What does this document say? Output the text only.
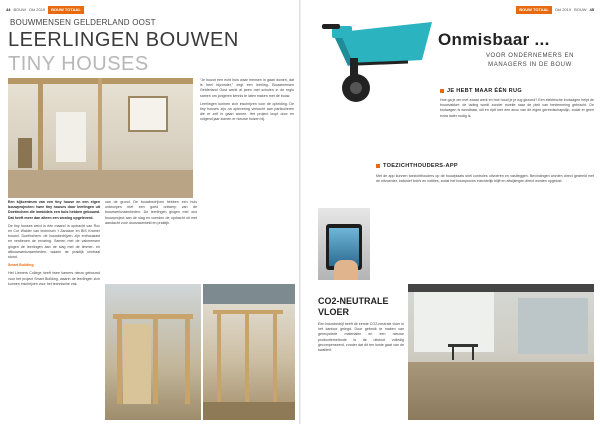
44 BOUW Okt 2019	BOUW TOTAAL
BOUWMENSEN GELDERLAND OOST
LEERLINGEN BOUWEN
TINY HOUSES

Een kijkcentrum van een tiny house en een eigen bouwprojecten: twee tiny houses door leerlingen uit Doetinchem die inmiddels een huis hebben gebouwd. Dat heeft meer dan alleen een woning opgeleverd.

De tiny houses werd in één maand in opdracht van Roc en Cor Walder van technisch 't Zandaxe en BIS Kramer bouwd. Doetinchem: de bouwbedrijven zijn enthousiast en verdienen de ervaring. Samen met de vakmensen gingen de leerlingen aan de slag met de timmer- en afbouwwerkzaamheden, waarin de praktijk centraal stond.

Smart Building

Het Liemers College heeft twee kamers nieuw gebouwd voor het project Smart Building, waarin de leerlingen zich kunnen inschrijven voor het technische vak.

van de grond. De bouwbedrijven hebben een huis ontworpen met een goed ontwerp van de bouwwerkzaamheden. De leerlingen gingen met ons bouwproject aan de slag en voerden de opdracht uit met aandacht voor duurzaamheid en praktijk.

“Je bouwt een echt huis waar mensen in gaan wonen, dat is heel bijzonder,” zegt een leerling. Bouwmensen Gelderland Oost werkt al jaren met scholen in de regio samen om jongeren kennis te laten maken met de bouw.

Leerlingen kunnen zich inschrijven voor de opleiding. De tiny houses zijn na oplevering verkocht aan particulieren die er zelf in gaan wonen. Het project loopt door en volgend jaar komen er nieuwe huizen bij.

BOUW TOTAAL	Okt 2019 BOUW 45
Onmisbaar ...
VOOR ONDERNEMERS EN MANAGERS IN DE BOUW
JE HEBT MAAR ÉÉN RUG

Hoe ga je om met zwaar werk en hoe houd je je rug gezond? Een elektrische kruiwagen helpt de bouwvakker: de lading wordt zonder moeite naar de plek van bestemming gebracht. De kruiwagen is wendbaar, stil en rijdt met een accu van de eigen gereedschapslijn, zodat er geen extra lader nodig is.

TOEZICHTHOUDERS-APP

Met de app kunnen toezichthouders op de bouwplaats snel controles uitvoeren en vastleggen. Bevindingen worden direct gedeeld met de uitvoerder, inclusief foto's en notities, zodat het bouwproces inzichtelijk blijft en afwijkingen direct worden opgelost.

CO2-NEUTRALE
VLOER

Een bouwbedrijf heeft de eerste CO2-neutrale vloer in het kantoor gelegd. Door gebruik te maken van gerecyclede materialen en een nieuwe productiemethode is de uitstoot volledig gecompenseerd, zonder dat dit ten koste gaat van de kwaliteit.
